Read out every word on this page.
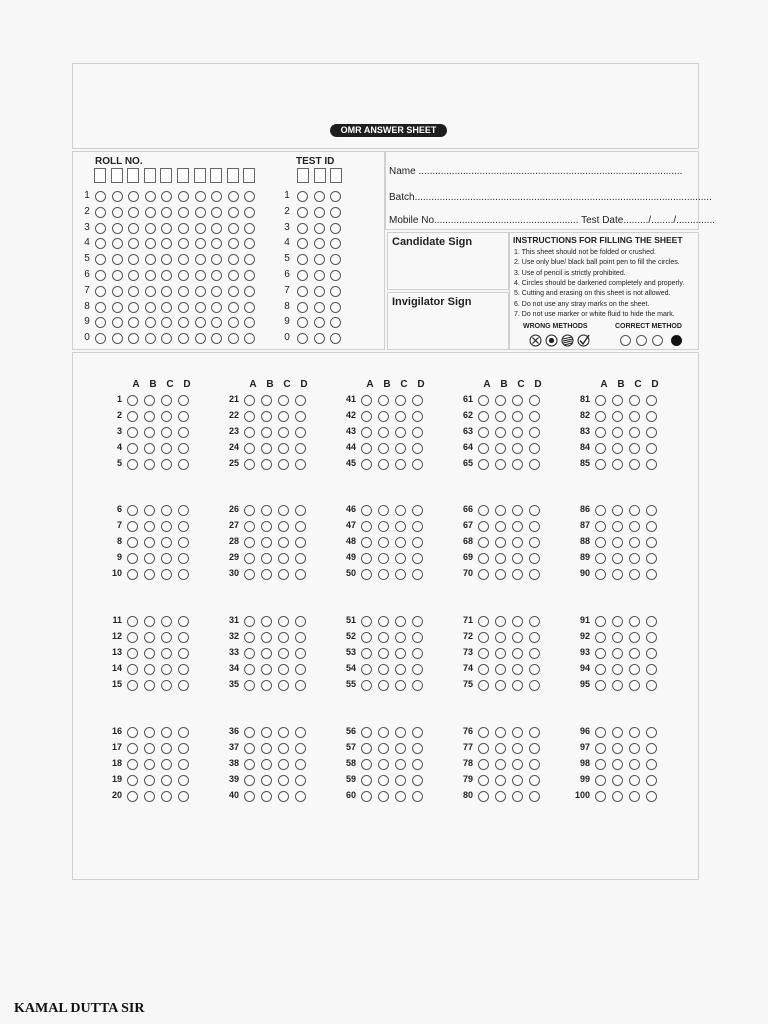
OMR ANSWER SHEET
ROLL NO.	TEST ID
1
2
3
4
5
6
7
8
9
0
1
2
3
4
5
6
7
8
9
0
Name ...............................................................................................
Batch...........................................................................................................
Mobile No.................................................... Test Date........./......../..............
Candidate Sign
Invigilator Sign
INSTRUCTIONS FOR FILLING THE SHEET
1. This sheet should not be folded or crushed.
2. Use only blue/ black ball point pen to fill the circles.
3. Use of pencil is strictly prohibited.
4. Circles should be darkened completely and properly.
5. Cutting and erasing on this sheet is not allowed.
6. Do not use any stray marks on the sheet.
7. Do not use marker or white fluid to hide the mark.
WRONG METHODS	CORRECT METHOD
A B C D
1
2
3
4
5
6
7
8
9
10
11
12
13
14
15
16
17
18
19
20
A B C D
21
22
23
24
25
26
27
28
29
30
31
32
33
34
35
36
37
38
39
40
A B C D
41
42
43
44
45
46
47
48
49
50
51
52
53
54
55
56
57
58
59
60
A B C D
61
62
63
64
65
66
67
68
69
70
71
72
73
74
75
76
77
78
79
80
A B C D
81
82
83
84
85
86
87
88
89
90
91
92
93
94
95
96
97
98
99
100
KAMAL DUTTA SIR
